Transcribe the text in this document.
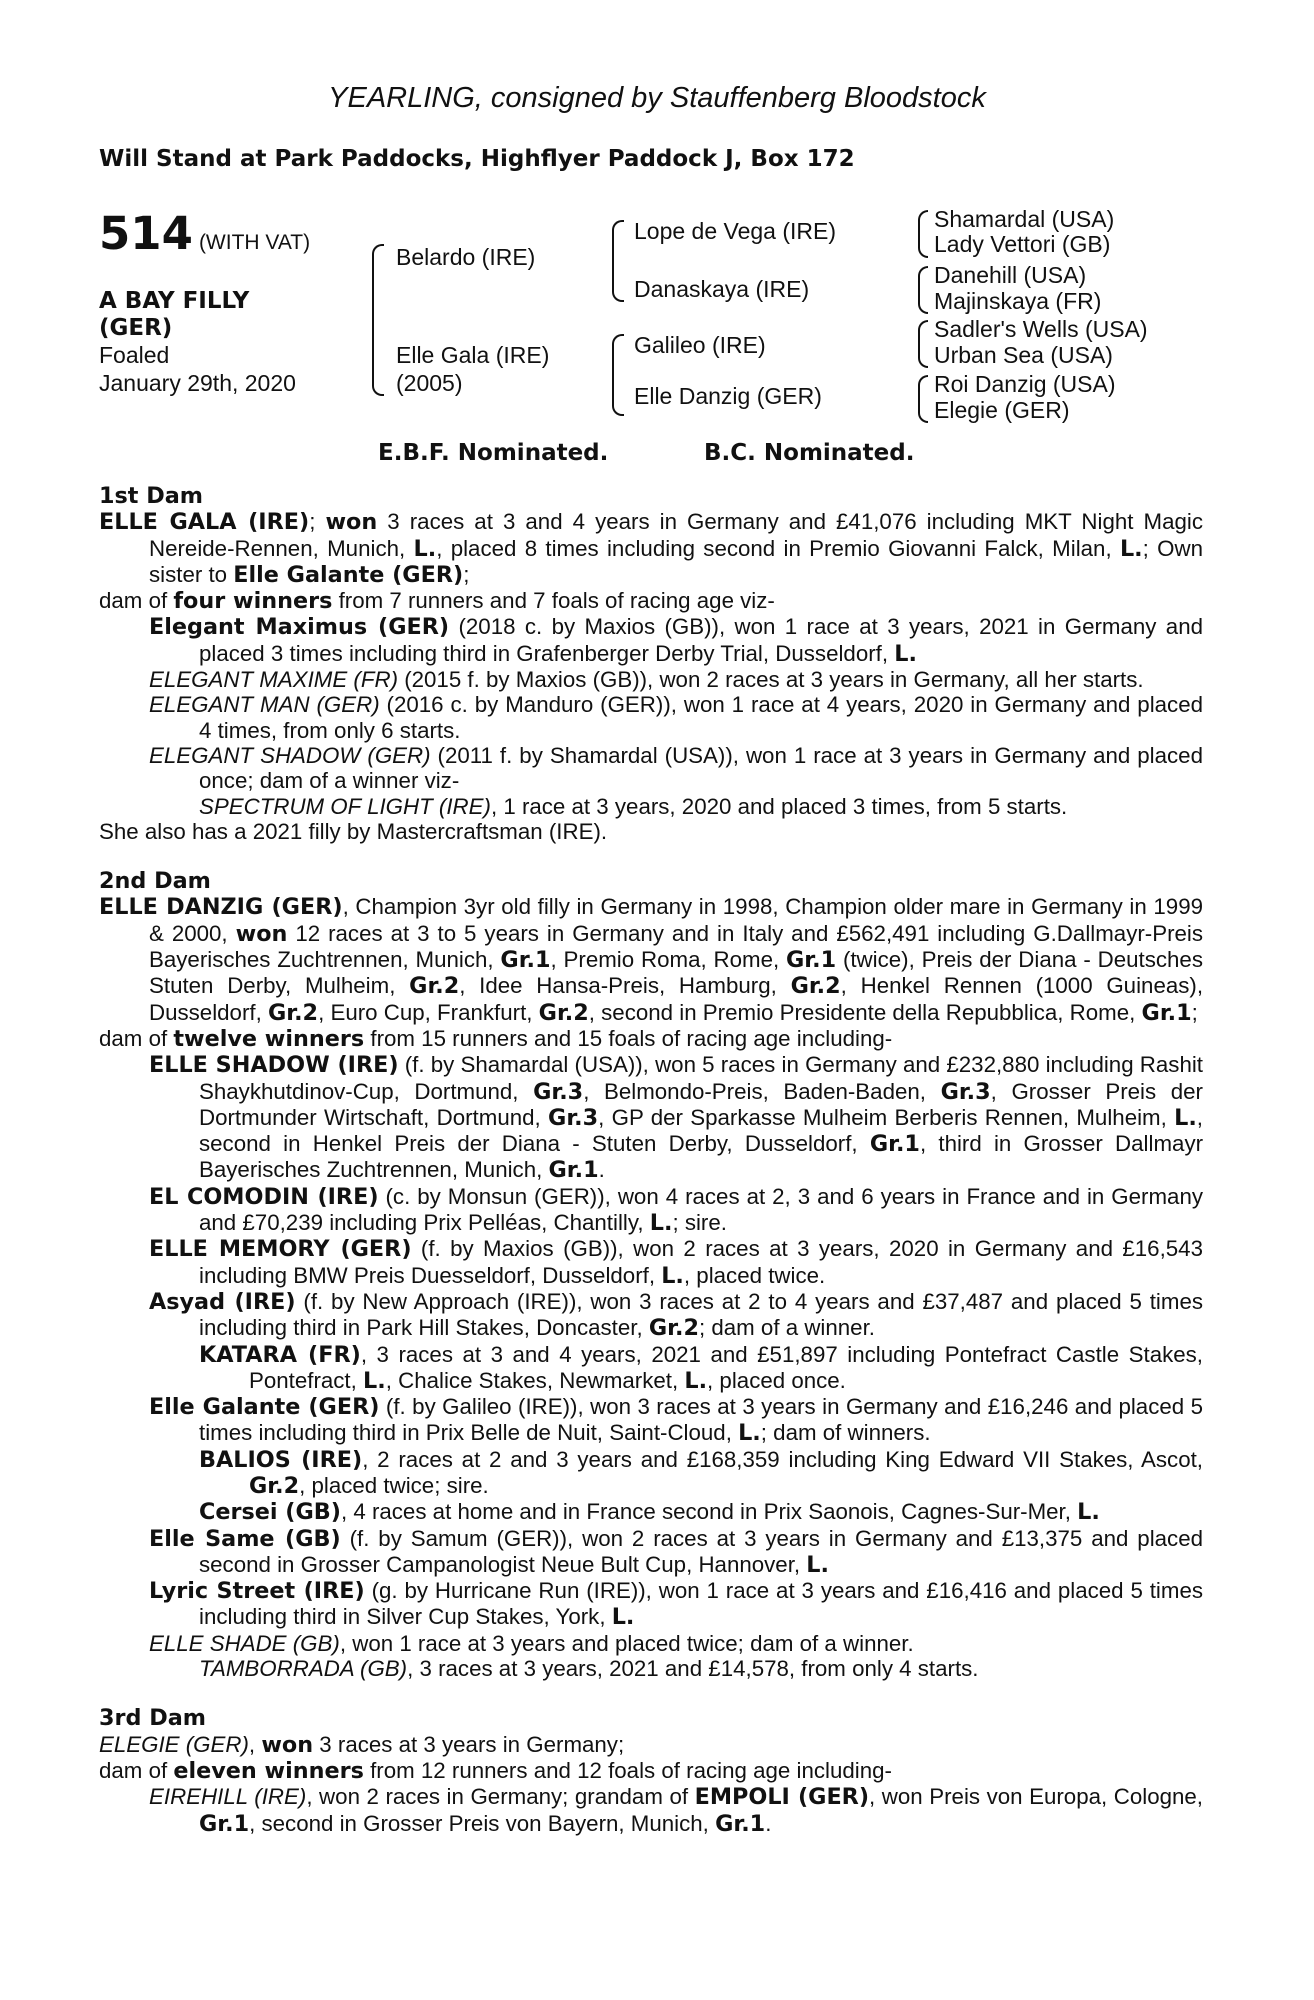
YEARLING, consigned by Stauffenberg Bloodstock
Will Stand at Park Paddocks, Highflyer Paddock J, Box 172
514 (WITH VAT)
A BAY FILLY
(GER)
Foaled
January 29th, 2020
Belardo (IRE)
Elle Gala (IRE)
(2005)
Lope de Vega (IRE)
Danaskaya (IRE)
Galileo (IRE)
Elle Danzig (GER)
Shamardal (USA)
Lady Vettori (GB)
Danehill (USA)
Majinskaya (FR)
Sadler's Wells (USA)
Urban Sea (USA)
Roi Danzig (USA)
Elegie (GER)
E.B.F. Nominated.	B.C. Nominated.
1st Dam
ELLE GALA (IRE); won 3 races at 3 and 4 years in Germany and £41,076 including MKT Night Magic Nereide-Rennen, Munich, L., placed 8 times including second in Premio Giovanni Falck, Milan, L.; Own sister to Elle Galante (GER);
dam of four winners from 7 runners and 7 foals of racing age viz-
Elegant Maximus (GER) (2018 c. by Maxios (GB)), won 1 race at 3 years, 2021 in Germany and placed 3 times including third in Grafenberger Derby Trial, Dusseldorf, L.
ELEGANT MAXIME (FR) (2015 f. by Maxios (GB)), won 2 races at 3 years in Germany, all her starts.
ELEGANT MAN (GER) (2016 c. by Manduro (GER)), won 1 race at 4 years, 2020 in Germany and placed 4 times, from only 6 starts.
ELEGANT SHADOW (GER) (2011 f. by Shamardal (USA)), won 1 race at 3 years in Germany and placed once; dam of a winner viz-
SPECTRUM OF LIGHT (IRE), 1 race at 3 years, 2020 and placed 3 times, from 5 starts.
She also has a 2021 filly by Mastercraftsman (IRE).
2nd Dam
ELLE DANZIG (GER), Champion 3yr old filly in Germany in 1998, Champion older mare in Germany in 1999 & 2000, won 12 races at 3 to 5 years in Germany and in Italy and £562,491 including G.Dallmayr-Preis Bayerisches Zuchtrennen, Munich, Gr.1, Premio Roma, Rome, Gr.1 (twice), Preis der Diana - Deutsches Stuten Derby, Mulheim, Gr.2, Idee Hansa-Preis, Hamburg, Gr.2, Henkel Rennen (1000 Guineas), Dusseldorf, Gr.2, Euro Cup, Frankfurt, Gr.2, second in Premio Presidente della Repubblica, Rome, Gr.1;
dam of twelve winners from 15 runners and 15 foals of racing age including-
ELLE SHADOW (IRE) (f. by Shamardal (USA)), won 5 races in Germany and £232,880 including Rashit Shaykhutdinov-Cup, Dortmund, Gr.3, Belmondo-Preis, Baden-Baden, Gr.3, Grosser Preis der Dortmunder Wirtschaft, Dortmund, Gr.3, GP der Sparkasse Mulheim Berberis Rennen, Mulheim, L., second in Henkel Preis der Diana - Stuten Derby, Dusseldorf, Gr.1, third in Grosser Dallmayr Bayerisches Zuchtrennen, Munich, Gr.1.
EL COMODIN (IRE) (c. by Monsun (GER)), won 4 races at 2, 3 and 6 years in France and in Germany and £70,239 including Prix Pelléas, Chantilly, L.; sire.
ELLE MEMORY (GER) (f. by Maxios (GB)), won 2 races at 3 years, 2020 in Germany and £16,543 including BMW Preis Duesseldorf, Dusseldorf, L., placed twice.
Asyad (IRE) (f. by New Approach (IRE)), won 3 races at 2 to 4 years and £37,487 and placed 5 times including third in Park Hill Stakes, Doncaster, Gr.2; dam of a winner.
KATARA (FR), 3 races at 3 and 4 years, 2021 and £51,897 including Pontefract Castle Stakes, Pontefract, L., Chalice Stakes, Newmarket, L., placed once.
Elle Galante (GER) (f. by Galileo (IRE)), won 3 races at 3 years in Germany and £16,246 and placed 5 times including third in Prix Belle de Nuit, Saint-Cloud, L.; dam of winners.
BALIOS (IRE), 2 races at 2 and 3 years and £168,359 including King Edward VII Stakes, Ascot, Gr.2, placed twice; sire.
Cersei (GB), 4 races at home and in France second in Prix Saonois, Cagnes-Sur-Mer, L.
Elle Same (GB) (f. by Samum (GER)), won 2 races at 3 years in Germany and £13,375 and placed second in Grosser Campanologist Neue Bult Cup, Hannover, L.
Lyric Street (IRE) (g. by Hurricane Run (IRE)), won 1 race at 3 years and £16,416 and placed 5 times including third in Silver Cup Stakes, York, L.
ELLE SHADE (GB), won 1 race at 3 years and placed twice; dam of a winner.
TAMBORRADA (GB), 3 races at 3 years, 2021 and £14,578, from only 4 starts.
3rd Dam
ELEGIE (GER), won 3 races at 3 years in Germany;
dam of eleven winners from 12 runners and 12 foals of racing age including-
EIREHILL (IRE), won 2 races in Germany; grandam of EMPOLI (GER), won Preis von Europa, Cologne, Gr.1, second in Grosser Preis von Bayern, Munich, Gr.1.
